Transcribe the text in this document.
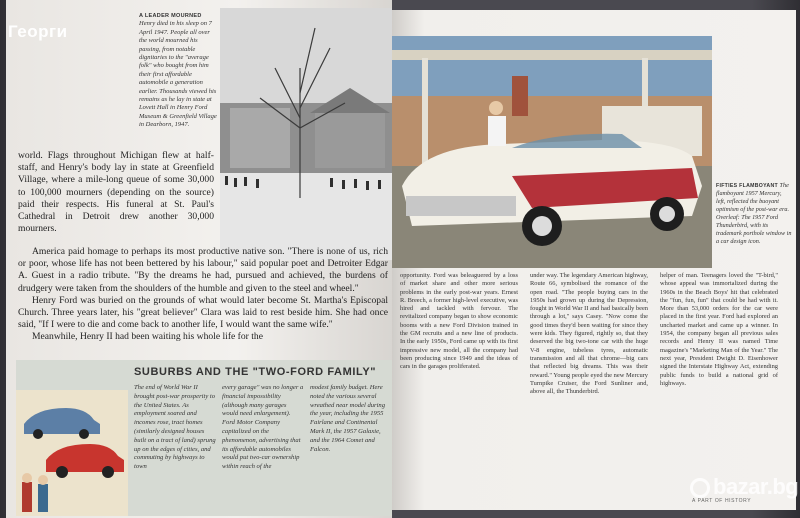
A LEADER MOURNED Henry died in his sleep on 7 April 1947. People all over the world mourned his passing, from notable dignitaries to the "average folk" who bought from him their first affordable automobile a generation earlier. Thousands viewed his remains as he lay in state at Lovett Hall in Henry Ford Museum & Greenfield Village in Dearborn, 1947.

world. Flags throughout Michigan flew at half-staff, and Henry's body lay in state at Greenfield Village, where a mile-long queue of some 30,000 to 100,000 mourners (depending on the source) paid their respects. His funeral at St. Paul's Cathedral in Detroit drew another 30,000 mourners.

America paid homage to perhaps its most productive native son. "There is none of us, rich or poor, whose life has not been bettered by his labour," said popular poet and Detroiter Edgar A. Guest in a radio tribute. "By the dreams he had, pursued and achieved, the burdens of drudgery were taken from the shoulders of the humble and given to the steel and wheel."

Henry Ford was buried on the grounds of what would later become St. Martha's Episcopal Church. Three years later, his "great believer" Clara was laid to rest beside him. She had once said, "If I were to die and come back to another life, I would want the same wife."

Meanwhile, Henry II had been waiting his whole life for the

SUBURBS AND THE "TWO-FORD FAMILY"
The end of World War II brought post-war prosperity to the United States. As employment soared and incomes rose, tract homes (similarly designed houses built on a tract of land) sprung up on the edges of cities, and commuting by highways to town
every garage" was no longer a financial impossibility (although many garages would need enlargement). Ford Motor Company capitalized on the phenomenon, advertising that its affordable automobiles would put two-car ownership within reach of the
modest family budget. Here noted the various several wreathed near model during the year, including the 1955 Fairlane and Continental Mark II, the 1957 Galaxie, and the 1964 Comet and Falcon.
FIFTIES FLAMBOYANT The flamboyant 1957 Mercury, left, reflected the buoyant optimism of the post-war era. Overleaf: The 1957 Ford Thunderbird, with its trademark porthole window in a car design icon.
opportunity. Ford was beleaguered by a loss of market share and other more serious problems in the early post-war years. Ernest R. Breech, a former high-level executive, was hired and tackled with fervour. The revitalized company began to show economic booms with a new Ford Division trained in the GM recruits and a new line of products. In the early 1950s, Ford came up with its first impressive new model, all the company had been producing since 1949 and the ideas of cars in the garages proliferated.
under way. The legendary American highway, Route 66, symbolised the romance of the open road. "The people buying cars in the 1950s had grown up during the Depression, fought in World War II and had basically been through a lot," says Casey. "Now come the good times they'd been waiting for since they were kids. They figured, rightly so, that they deserved the big two-tone car with the huge V-8 engine, tubeless tyres, automatic transmission and all that chrome—big cars that reflected big dreams. This was their reward." Young people eyed the new Mercury Turnpike Cruiser, the Ford Sunliner and, above all, the Thunderbird.
helper of man. Teenagers loved the "T-bird," whose appeal was immortalized during the 1960s in the Beach Boys' hit that celebrated the "fun, fun, fun" that could be had with it. More than 53,000 orders for the car were placed in the first year. Ford had explored an uncharted market and came up a winner. In 1954, the company began all previous sales records and Henry II was named Time magazine's "Marketing Man of the Year." The next year, President Dwight D. Eisenhower signed the Interstate Highway Act, extending public funds to build a national grid of highways.
A PART OF HISTORY
Георги
bazar.bg
